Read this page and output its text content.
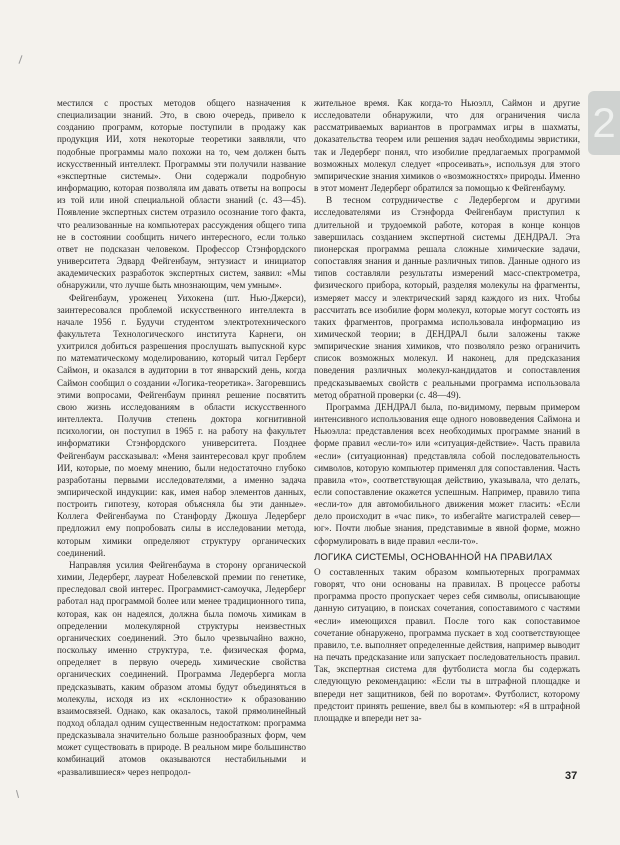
2

местился с простых методов общего назначения к специализации знаний. Это, в свою очередь, привело к созданию программ, которые поступили в продажу как продукция ИИ, хотя некоторые теоретики заявляли, что подобные программы мало похожи на то, чем должен быть искусственный интеллект. Программы эти получили название «экспертные системы». Они содержали подробную информацию, которая позволяла им давать ответы на вопросы из той или иной специальной области знаний (с. 43—45). Появление экспертных систем отразило осознание того факта, что реализованные на компьютерах рассуждения общего типа не в состоянии сообщить ничего интересного, если только ответ не подсказан человеком. Профессор Стэнфордского университета Эдвард Фейгенбаум, энтузиаст и инициатор академических разработок экспертных систем, заявил: «Мы обнаружили, что лучше быть мнознающим, чем умным».

Фейгенбаум, уроженец Уихокена (шт. Нью-Джерси), заинтересовался проблемой искусственного интеллекта в начале 1956 г. Будучи студентом электротехнического факультета Технологического института Карнеги, он ухитрился добиться разрешения прослушать выпускной курс по математическому моделированию, который читал Герберт Саймон, и оказался в аудитории в тот январский день, когда Саймон сообщил о создании «Логика-теоретика». Загоревшись этими вопросами, Фейгенбаум принял решение посвятить свою жизнь исследованиям в области искусственного интеллекта. Получив степень доктора когнитивной психологии, он поступил в 1965 г. на работу на факультет информатики Стэнфордского университета. Позднее Фейгенбаум рассказывал: «Меня заинтересовал круг проблем ИИ, которые, по моему мнению, были недостаточно глубоко разработаны первыми исследователями, а именно задача эмпирической индукции: как, имея набор элементов данных, построить гипотезу, которая объясняла бы эти данные». Коллега Фейгенбаума по Станфорду Джошуа Ледерберг предложил ему попробовать силы в исследовании метода, которым химики определяют структуру органических соединений.

Направляя усилия Фейгенбаума в сторону органической химии, Ледерберг, лауреат Нобелевской премии по генетике, преследовал свой интерес. Программист-самоучка, Ледерберг работал над программой более или менее традиционного типа, которая, как он надеялся, должна была помочь химикам в определении молекулярной структуры неизвестных органических соединений. Это было чрезвычайно важно, поскольку именно структура, т.е. физическая форма, определяет в первую очередь химические свойства органических соединений. Программа Ледерберга могла предсказывать, каким образом атомы будут объединяться в молекулы, исходя из их «склонности» к образованию взаимосвязей. Однако, как оказалось, такой прямолинейный подход обладал одним существенным недостатком: программа предсказывала значительно больше разнообразных форм, чем может существовать в природе. В реальном мире большинство комбинаций атомов оказываются нестабильными и «развалившиеся» через непродол-

жительное время. Как когда-то Ньюэлл, Саймон и другие исследователи обнаружили, что для ограничения числа рассматриваемых вариантов в программах игры в шахматы, доказательства теорем или решения задач необходимы эвристики, так и Ледерберг понял, что изобилие предлагаемых программой возможных молекул следует «просеивать», используя для этого эмпирические знания химиков о «возможностях» природы. Именно в этот момент Ледерберг обратился за помощью к Фейгенбауму.

В тесном сотрудничестве с Ледербергом и другими исследователями из Стэнфорда Фейгенбаум приступил к длительной и трудоемкой работе, которая в конце концов завершилась созданием экспертной системы ДЕНДРАЛ. Эта пионерская программа решала сложные химические задачи, сопоставляя знания и данные различных типов. Данные одного из типов составляли результаты измерений масс-спектрометра, физического прибора, который, разделяя молекулы на фрагменты, измеряет массу и электрический заряд каждого из них. Чтобы рассчитать все изобилие форм молекул, которые могут состоять из таких фрагментов, программа использовала информацию из химической теории; в ДЕНДРАЛ были заложены также эмпирические знания химиков, что позволяло резко ограничить список возможных молекул. И наконец, для предсказания поведения различных молекул-кандидатов и сопоставления предсказываемых свойств с реальными программа использовала метод обратной проверки (с. 48—49).

Программа ДЕНДРАЛ была, по-видимому, первым примером интенсивного использования еще одного нововведения Саймона и Ньюэлла: представления всех необходимых программе знаний в форме правил «если-то» или «ситуация-действие». Часть правила «если» (ситуационная) представляла собой последовательность символов, которую компьютер применял для сопоставления. Часть правила «то», соответствующая действию, указывала, что делать, если сопоставление окажется успешным. Например, правило типа «если-то» для автомобильного движения может гласить: «Если дело происходит в «час пик», то избегайте магистралей север—юг». Почти любые знания, представимые в явной форме, можно сформулировать в виде правил «если-то».

ЛОГИКА СИСТЕМЫ, ОСНОВАННОЙ НА ПРАВИЛАХ

О составленных таким образом компьютерных программах говорят, что они основаны на правилах. В процессе работы программа просто пропускает через себя символы, описывающие данную ситуацию, в поисках сочетания, сопоставимого с частями «если» имеющихся правил. После того как сопоставимое сочетание обнаружено, программа пускает в ход соответствующее правило, т.е. выполняет определенные действия, например выводит на печать предсказание или запускает последовательность правил. Так, экспертная система для футболиста могла бы содержать следующую рекомендацию: «Если ты в штрафной площадке и впереди нет защитников, бей по воротам». Футболист, которому предстоит принять решение, ввел бы в компьютер: «Я в штрафной площадке и впереди нет за-

37
